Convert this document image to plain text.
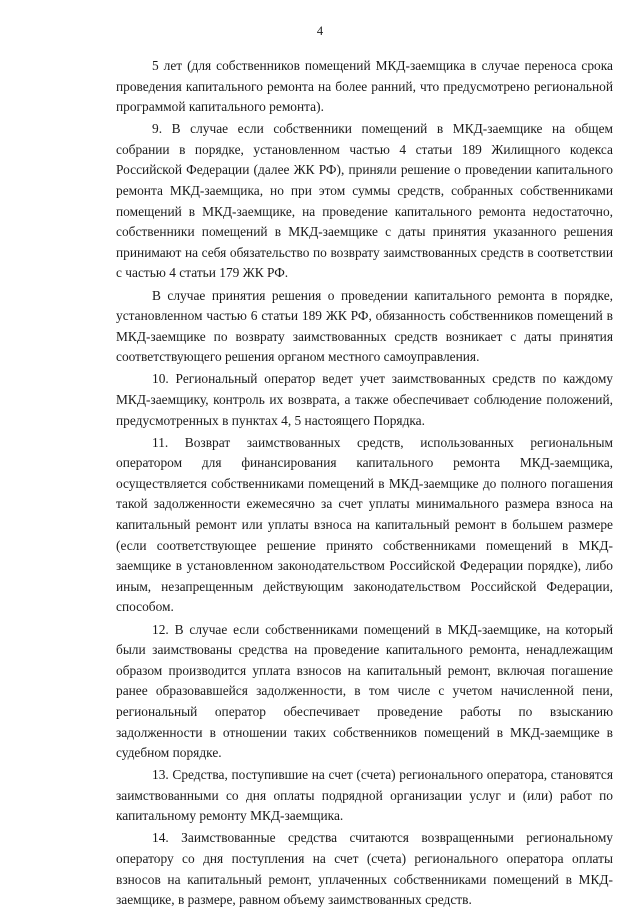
4

5 лет (для собственников помещений МКД-заемщика в случае переноса срока проведения капитального ремонта на более ранний, что предусмотрено региональной программой капитального ремонта).

9. В случае если собственники помещений в МКД-заемщике на общем собрании в порядке, установленном частью 4 статьи 189 Жилищного кодекса Российской Федерации (далее ЖК РФ), приняли решение о проведении капитального ремонта МКД-заемщика, но при этом суммы средств, собранных собственниками помещений в МКД-заемщике, на проведение капитального ремонта недостаточно, собственники помещений в МКД-заемщике с даты принятия указанного решения принимают на себя обязательство по возврату заимствованных средств в соответствии с частью 4 статьи 179 ЖК РФ.

В случае принятия решения о проведении капитального ремонта в порядке, установленном частью 6 статьи 189 ЖК РФ, обязанность собственников помещений в МКД-заемщике по возврату заимствованных средств возникает с даты принятия соответствующего решения органом местного самоуправления.

10. Региональный оператор ведет учет заимствованных средств по каждому МКД-заемщику, контроль их возврата, а также обеспечивает соблюдение положений, предусмотренных в пунктах 4, 5 настоящего Порядка.

11. Возврат заимствованных средств, использованных региональным оператором для финансирования капитального ремонта МКД-заемщика, осуществляется собственниками помещений в МКД-заемщике до полного погашения такой задолженности ежемесячно за счет уплаты минимального размера взноса на капитальный ремонт или уплаты взноса на капитальный ремонт в большем размере (если соответствующее решение принято собственниками помещений в МКД-заемщике в установленном законодательством Российской Федерации порядке), либо иным, незапрещенным действующим законодательством Российской Федерации, способом.

12. В случае если собственниками помещений в МКД-заемщике, на который были заимствованы средства на проведение капитального ремонта, ненадлежащим образом производится уплата взносов на капитальный ремонт, включая погашение ранее образовавшейся задолженности, в том числе с учетом начисленной пени, региональный оператор обеспечивает проведение работы по взысканию задолженности в отношении таких собственников помещений в МКД-заемщике в судебном порядке.

13. Средства, поступившие на счет (счета) регионального оператора, становятся заимствованными со дня оплаты подрядной организации услуг и (или) работ по капитальному ремонту МКД-заемщика.

14. Заимствованные средства считаются возвращенными региональному оператору со дня поступления на счет (счета) регионального оператора оплаты взносов на капитальный ремонт, уплаченных собственниками помещений в МКД-заемщике, в размере, равном объему заимствованных средств.
